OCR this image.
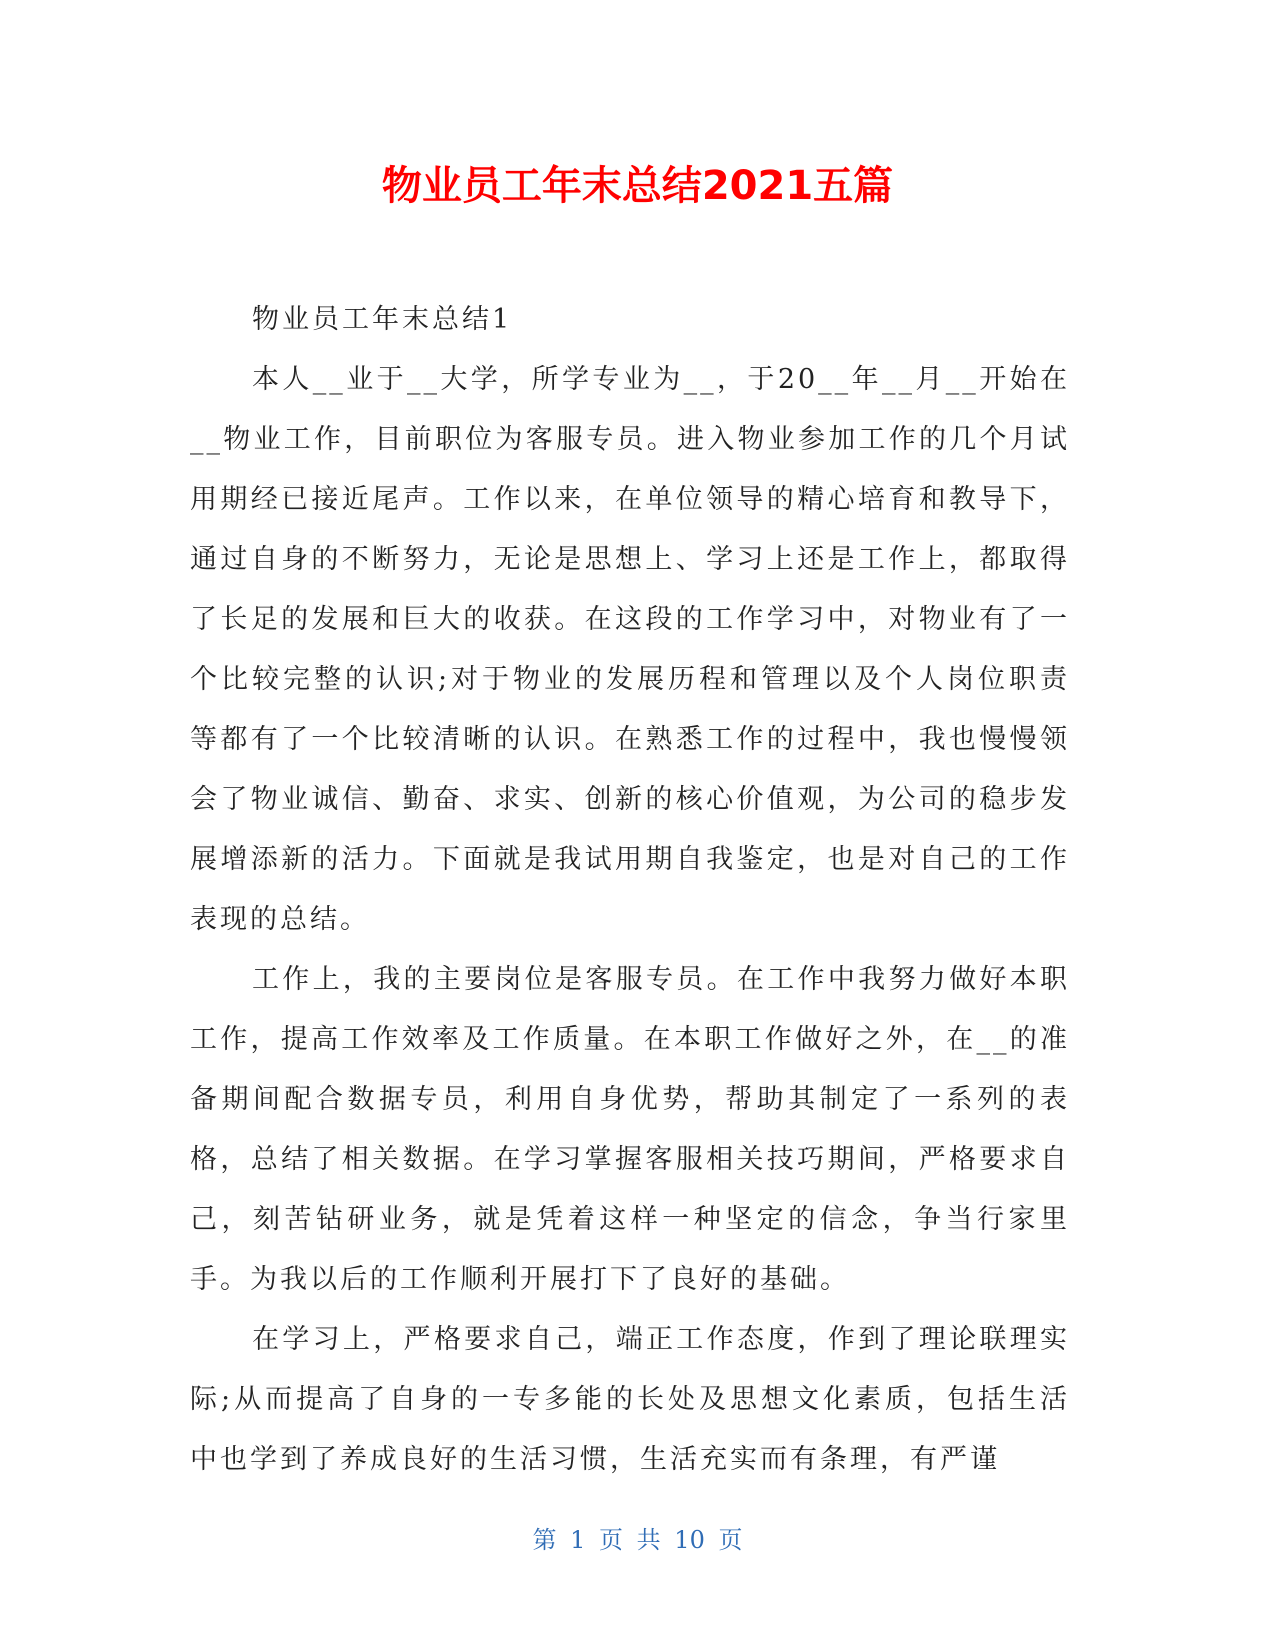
物业员工年末总结2021五篇

物业员工年末总结1

本人__业于__大学，所学专业为__，于20__年__月__开始在__物业工作，目前职位为客服专员。进入物业参加工作的几个月试用期经已接近尾声。工作以来，在单位领导的精心培育和教导下，通过自身的不断努力，无论是思想上、学习上还是工作上，都取得了长足的发展和巨大的收获。在这段的工作学习中，对物业有了一个比较完整的认识;对于物业的发展历程和管理以及个人岗位职责等都有了一个比较清晰的认识。在熟悉工作的过程中，我也慢慢领会了物业诚信、勤奋、求实、创新的核心价值观，为公司的稳步发展增添新的活力。下面就是我试用期自我鉴定，也是对自己的工作表现的总结。

工作上，我的主要岗位是客服专员。在工作中我努力做好本职工作，提高工作效率及工作质量。在本职工作做好之外，在__的准备期间配合数据专员，利用自身优势，帮助其制定了一系列的表格，总结了相关数据。在学习掌握客服相关技巧期间，严格要求自己，刻苦钻研业务，就是凭着这样一种坚定的信念，争当行家里手。为我以后的工作顺利开展打下了良好的基础。

在学习上，严格要求自己，端正工作态度，作到了理论联理实际;从而提高了自身的一专多能的长处及思想文化素质，包括生活中也学到了养成良好的生活习惯，生活充实而有条理，有严谨

第 1 页 共 10 页
